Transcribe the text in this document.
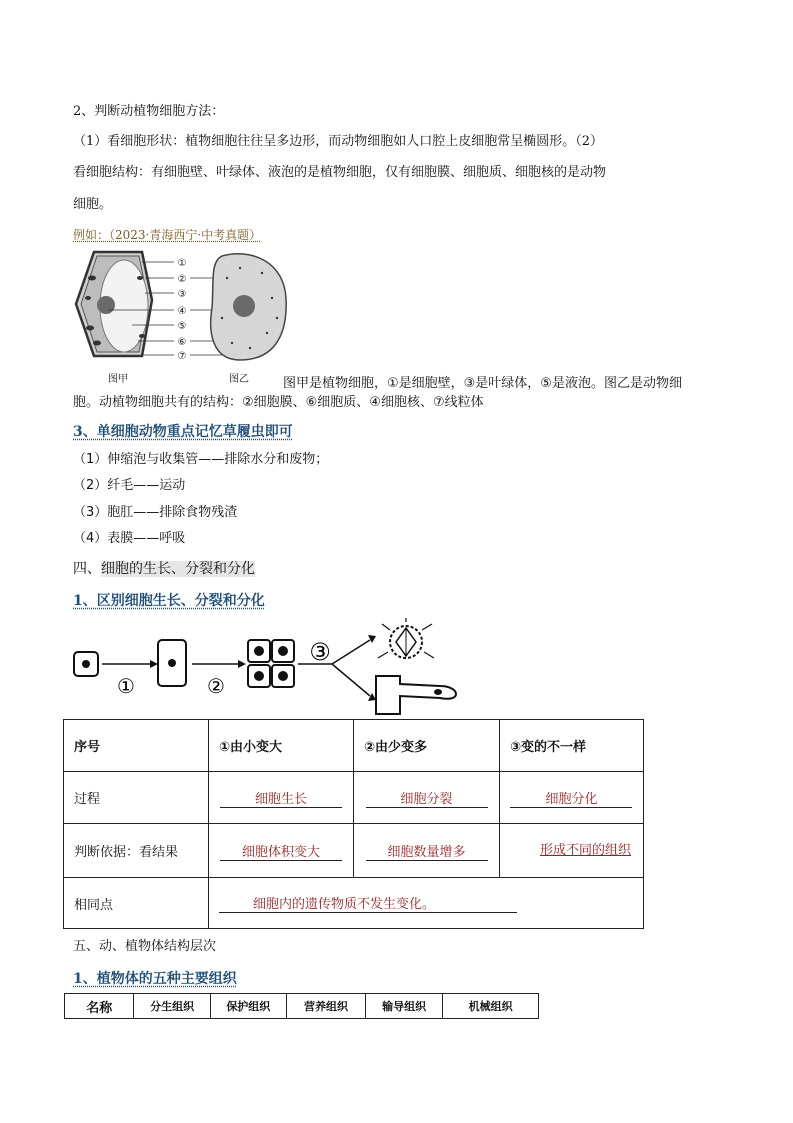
2、判断动植物细胞方法：
（1）看细胞形状：植物细胞往往呈多边形，而动物细胞如人口腔上皮细胞常呈椭圆形。（2）
看细胞结构：有细胞壁、叶绿体、液泡的是植物细胞，仅有细胞膜、细胞质、细胞核的是动物
细胞。
例如：（2023·青海西宁·中考真题）
①
②
③
④
⑤
⑥
⑦
图甲	图乙	图甲是植物细胞，①是细胞壁，③是叶绿体，⑤是液泡。图乙是动物细
胞。动植物细胞共有的结构：②细胞膜、⑥细胞质、④细胞核、⑦线粒体
3、单细胞动物重点记忆草履虫即可
（1）伸缩泡与收集管——排除水分和废物；
（2）纤毛——运动
（3）胞肛——排除食物残渣
（4）表膜——呼吸
四、细胞的生长、分裂和分化
1、区别细胞生长、分裂和分化
①	②
③
序号	①由小变大	②由少变多	③变的不一样
过程	细胞生长	细胞分裂	细胞分化
判断依据：看结果	细胞体积变大	细胞数量增多	形成不同的组织
相同点	细胞内的遗传物质不发生变化。		
五、动、植物体结构层次
1、植物体的五种主要组织
名称	分生组织	保护组织	营养组织	输导组织	机械组织
